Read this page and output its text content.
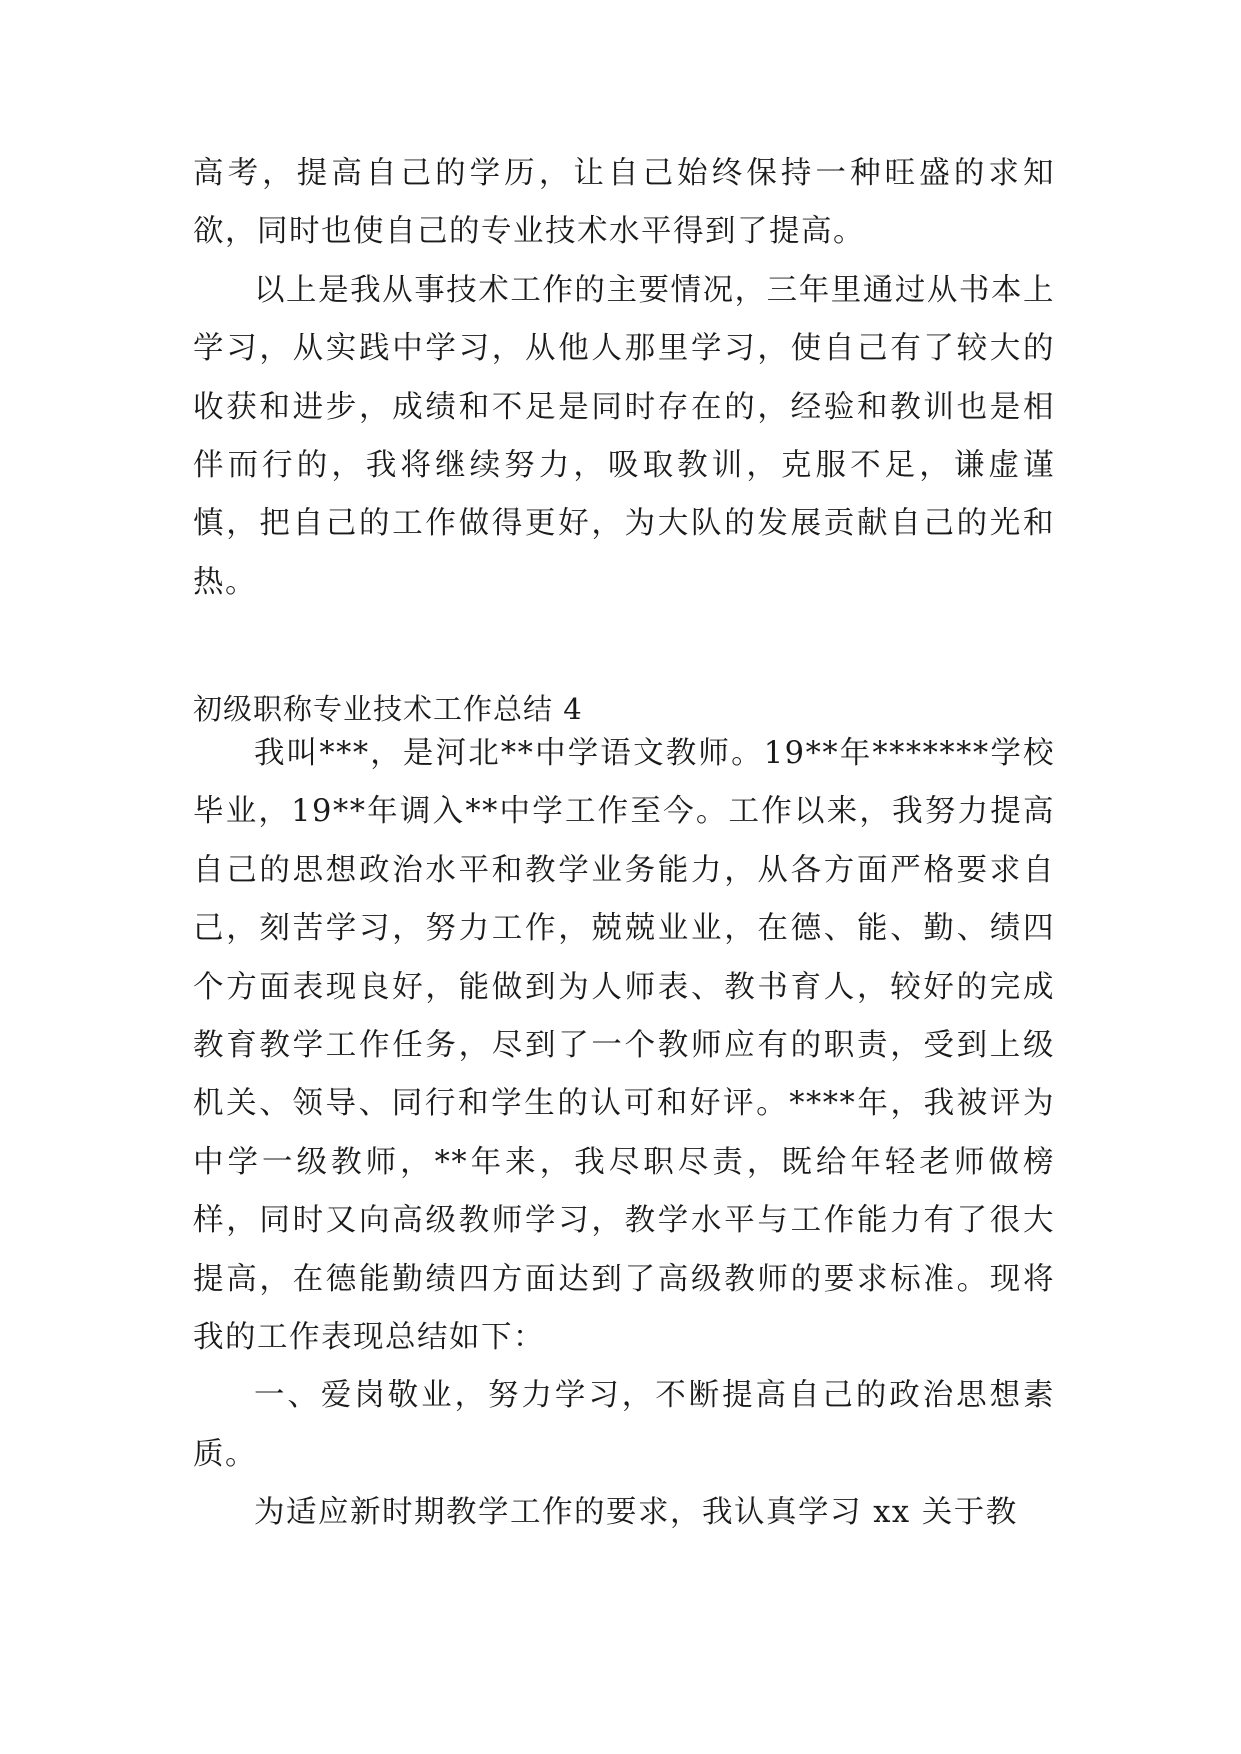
高考，提高自己的学历，让自己始终保持一种旺盛的求知欲，同时也使自己的专业技术水平得到了提高。

以上是我从事技术工作的主要情况，三年里通过从书本上学习，从实践中学习，从他人那里学习，使自己有了较大的收获和进步，成绩和不足是同时存在的，经验和教训也是相伴而行的，我将继续努力，吸取教训，克服不足，谦虚谨慎，把自己的工作做得更好，为大队的发展贡献自己的光和热。

初级职称专业技术工作总结 4

我叫***，是河北**中学语文教师。19**年*******学校毕业，19**年调入**中学工作至今。工作以来，我努力提高自己的思想政治水平和教学业务能力，从各方面严格要求自己，刻苦学习，努力工作，兢兢业业，在德、能、勤、绩四个方面表现良好，能做到为人师表、教书育人，较好的完成教育教学工作任务，尽到了一个教师应有的职责，受到上级机关、领导、同行和学生的认可和好评。****年，我被评为中学一级教师，**年来，我尽职尽责，既给年轻老师做榜样，同时又向高级教师学习，教学水平与工作能力有了很大提高，在德能勤绩四方面达到了高级教师的要求标准。现将我的工作表现总结如下：

一、爱岗敬业，努力学习，不断提高自己的政治思想素质。

为适应新时期教学工作的要求，我认真学习 xx 关于教
